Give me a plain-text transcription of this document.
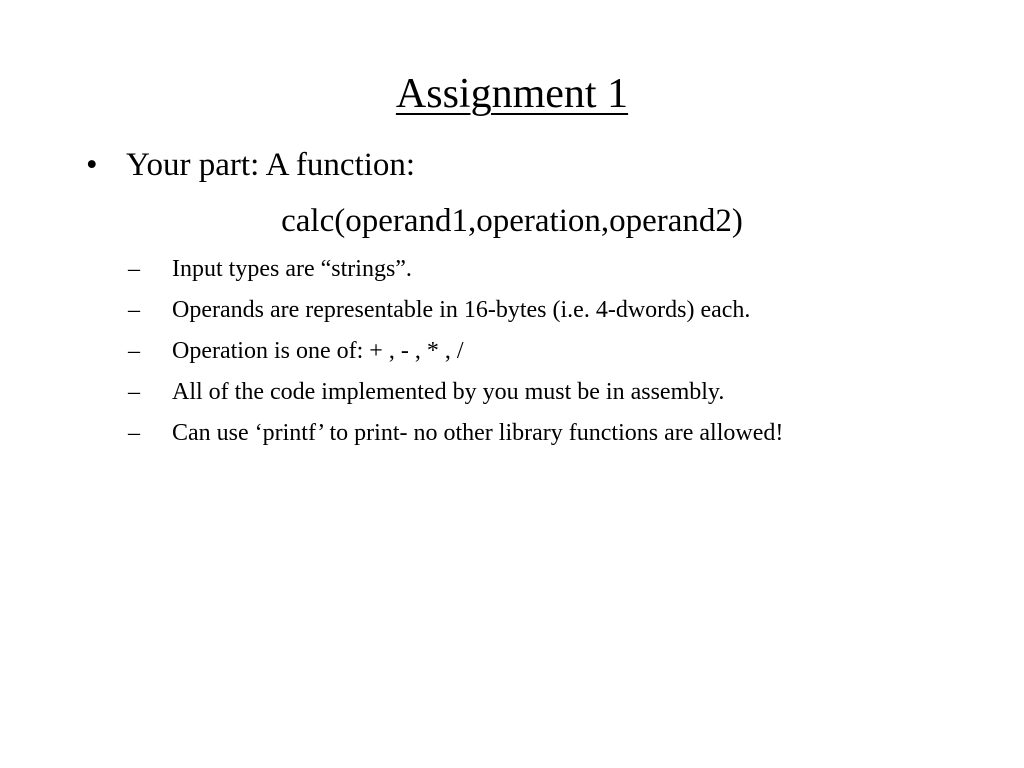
Assignment 1
• Your part: A function:
calc(operand1,operation,operand2)
– Input types are “strings”.
– Operands are representable in 16-bytes (i.e. 4-dwords) each.
– Operation is one of: + , - , * , /
– All of the code implemented by you must be in assembly.
– Can use ‘printf’ to print- no other library functions are allowed!
